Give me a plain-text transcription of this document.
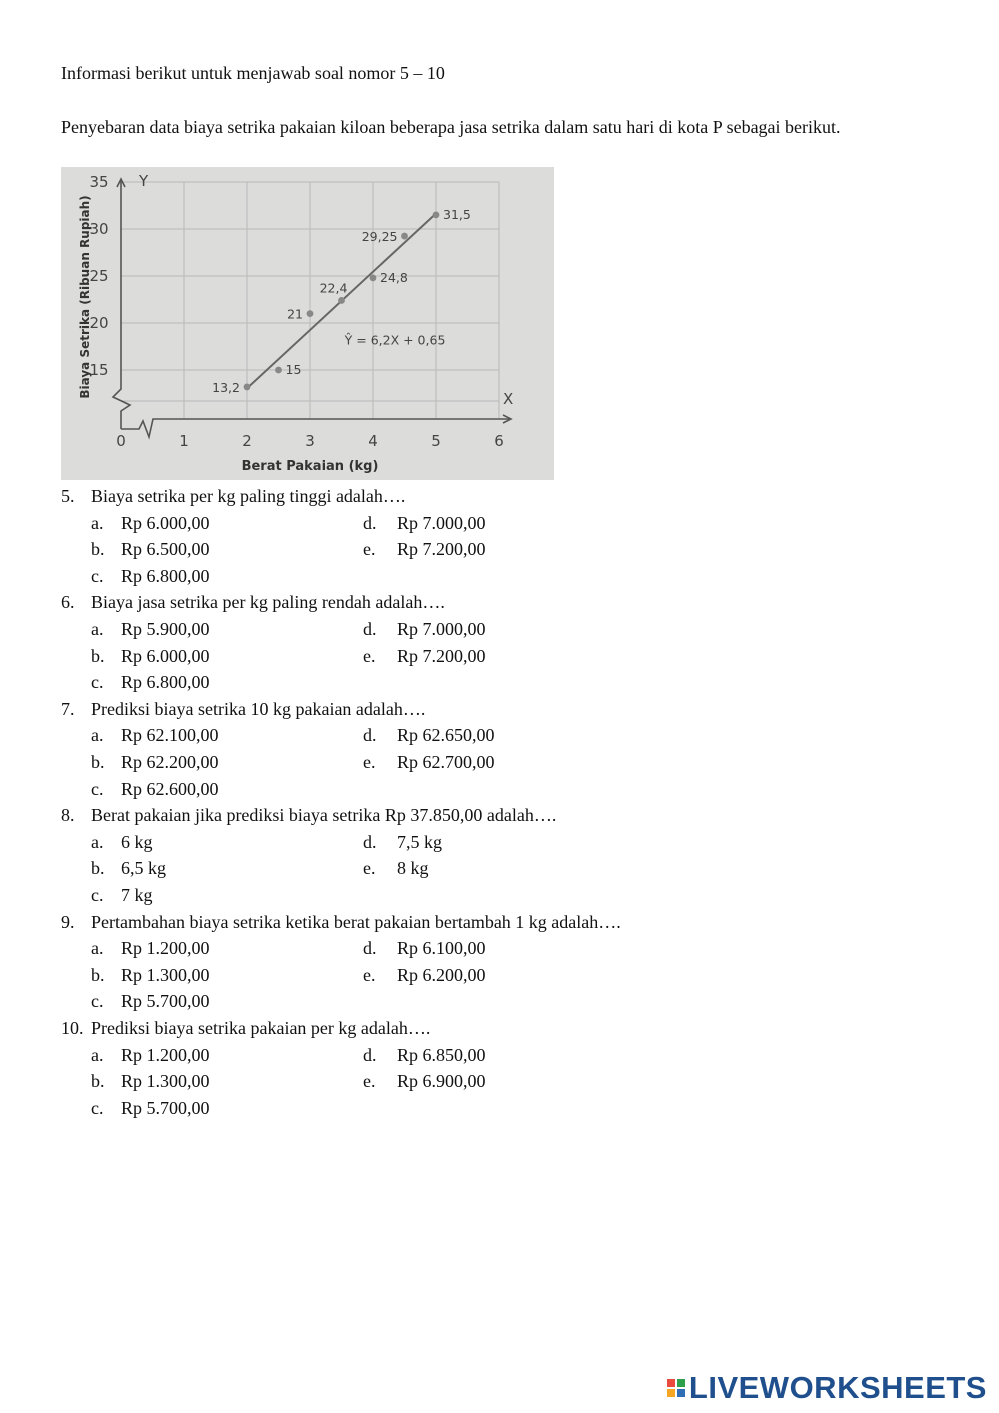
Informasi berikut untuk menjawab soal nomor 5 – 10
Penyebaran data biaya setrika pakaian kiloan beberapa jasa setrika dalam satu hari di kota P sebagai berikut.
Y
X
15
20
25
30
35
0	1	2	3	4	5	6
Berat Pakaian (kg)
Biaya Setrika (Ribuan Rupiah)	13,2
15
21
22,4
24,8
29,25
31,5
Ŷ = 6,2X + 0,65
5. Biaya setrika per kg paling tinggi adalah….
a. Rp 6.000,00	d. Rp 7.000,00
b. Rp 6.500,00	e. Rp 7.200,00
c. Rp 6.800,00
6. Biaya jasa setrika per kg paling rendah adalah….
a. Rp 5.900,00	d. Rp 7.000,00
b. Rp 6.000,00	e. Rp 7.200,00
c. Rp 6.800,00
7. Prediksi biaya setrika 10 kg pakaian adalah….
a. Rp 62.100,00	d. Rp 62.650,00
b. Rp 62.200,00	e. Rp 62.700,00
c. Rp 62.600,00
8. Berat pakaian jika prediksi biaya setrika Rp 37.850,00 adalah….
a. 6 kg	d. 7,5 kg
b. 6,5 kg	e. 8 kg
c. 7 kg
9. Pertambahan biaya setrika ketika berat pakaian bertambah 1 kg adalah….
a. Rp 1.200,00	d. Rp 6.100,00
b. Rp 1.300,00	e. Rp 6.200,00
c. Rp 5.700,00
10. Prediksi biaya setrika pakaian per kg adalah….
a. Rp 1.200,00	d. Rp 6.850,00
b. Rp 1.300,00	e. Rp 6.900,00
c. Rp 5.700,00
LIVEWORKSHEETS
